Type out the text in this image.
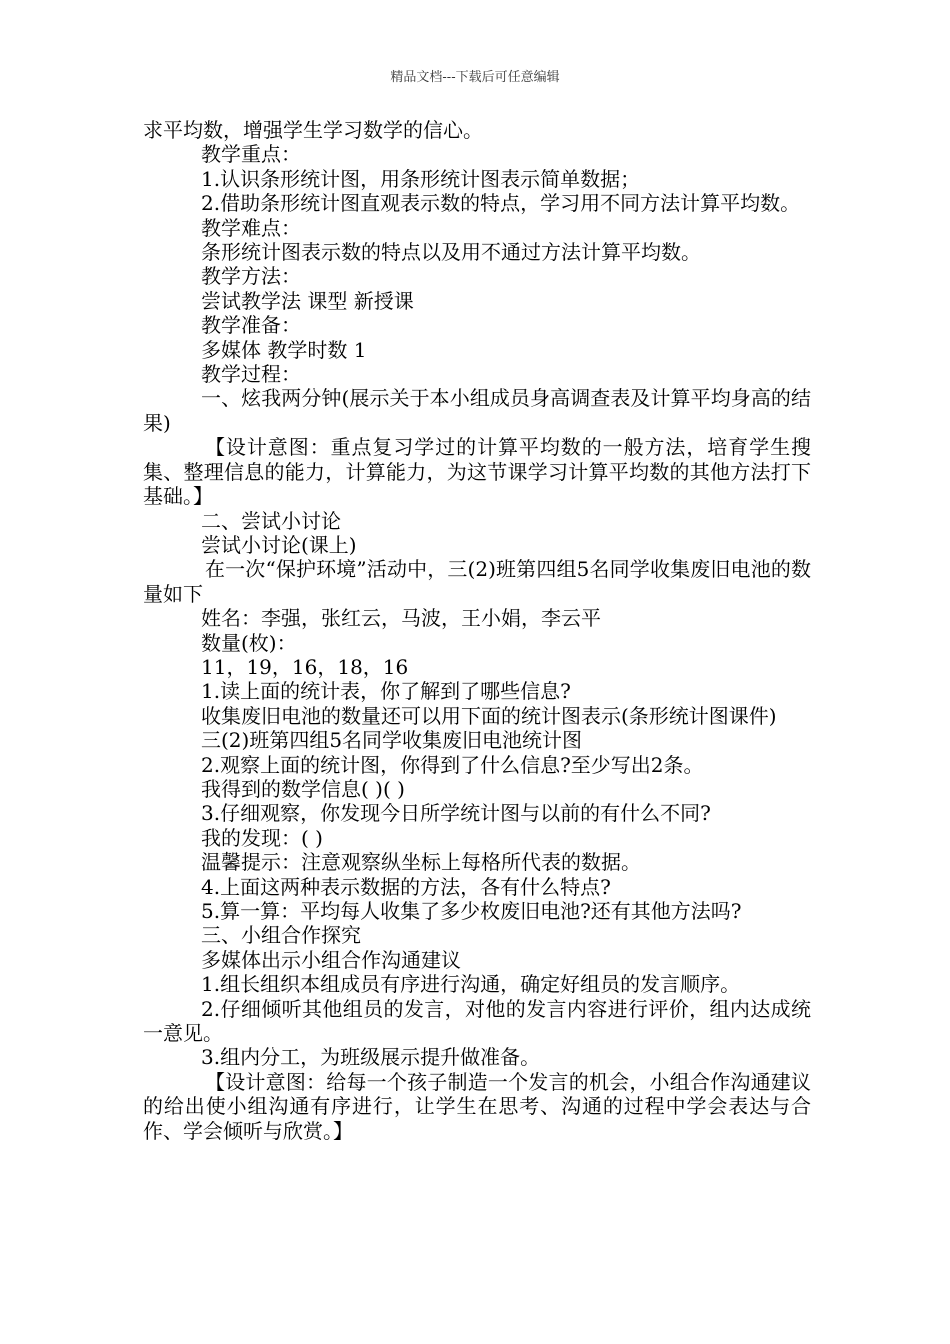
精品文档---下载后可任意编辑

求平均数，增强学生学习数学的信心。

教学重点：

1.认识条形统计图，用条形统计图表示简单数据；

2.借助条形统计图直观表示数的特点，学习用不同方法计算平均数。

教学难点：

条形统计图表示数的特点以及用不通过方法计算平均数。

教学方法：

尝试教学法 课型 新授课

教学准备：

多媒体 教学时数 1

教学过程：

一、炫我两分钟(展示关于本小组成员身高调查表及计算平均身高的结果)

【设计意图：重点复习学过的计算平均数的一般方法，培育学生搜集、整理信息的能力，计算能力，为这节课学习计算平均数的其他方法打下基础。】

二、尝试小讨论

尝试小讨论(课上)

在一次“保护环境”活动中，三(2)班第四组5名同学收集废旧电池的数量如下

姓名：李强，张红云，马波，王小娟，李云平

数量(枚)：

11，19，16，18，16

1.读上面的统计表，你了解到了哪些信息?

收集废旧电池的数量还可以用下面的统计图表示(条形统计图课件)

三(2)班第四组5名同学收集废旧电池统计图

2.观察上面的统计图，你得到了什么信息?至少写出2条。

我得到的数学信息( )( )

3.仔细观察，你发现今日所学统计图与以前的有什么不同?

我的发现：( )

温馨提示：注意观察纵坐标上每格所代表的数据。

4.上面这两种表示数据的方法，各有什么特点?

5.算一算：平均每人收集了多少枚废旧电池?还有其他方法吗?

三、小组合作探究

多媒体出示小组合作沟通建议

1.组长组织本组成员有序进行沟通，确定好组员的发言顺序。

2.仔细倾听其他组员的发言，对他的发言内容进行评价，组内达成统一意见。

3.组内分工，为班级展示提升做准备。

【设计意图：给每一个孩子制造一个发言的机会，小组合作沟通建议的给出使小组沟通有序进行，让学生在思考、沟通的过程中学会表达与合作、学会倾听与欣赏。】
